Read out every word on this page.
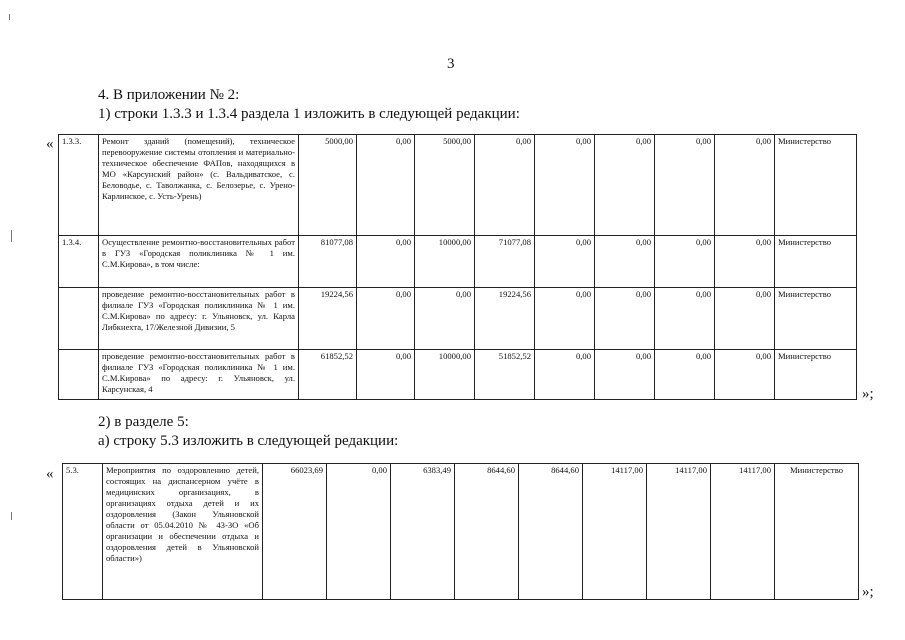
3
4. В приложении № 2:
1) строки 1.3.3 и 1.3.4 раздела 1 изложить в следующей редакции:
« 1.3.3.	Ремонт зданий (помещений), техническое перевооружение системы отопления и материально-техническое обеспечение ФАПов, находящихся в МО «Карсунский район» (с. Вальдиватское, с. Беловодье, с. Таволжанка, с. Белозерье, с. Урено-Карлинское, с. Усть-Урень)	5000,00	0,00	5000,00	0,00	0,00	0,00	0,00	0,00	Министерство
1.3.4.	Осуществление ремонтно-восстановительных работ в ГУЗ «Городская поликлиника № 1 им. С.М.Кирова», в том числе:	81077,08	0,00	10000,00	71077,08	0,00	0,00	0,00	0,00	Министерство
	проведение ремонтно-восстановительных работ в филиале ГУЗ «Городская поликлиника № 1 им. С.М.Кирова» по адресу: г. Ульяновск, ул. Карла Либкнехта, 17/Железной Дивизии, 5	19224,56	0,00	0,00	19224,56	0,00	0,00	0,00	0,00	Министерство
	проведение ремонтно-восстановительных работ в филиале ГУЗ «Городская поликлиника № 1 им. С.М.Кирова» по адресу: г. Ульяновск, ул. Карсунская, 4	61852,52	0,00	10000,00	51852,52	0,00	0,00	0,00	0,00	Министерство
»;
2) в разделе 5:
а) строку 5.3 изложить в следующей редакции:
« 5.3.	Мероприятия по оздоровлению детей, состоящих на диспансерном учёте в медицинских организациях, в организациях отдыха детей и их оздоровления (Закон Ульяновской области от 05.04.2010 № 43-ЗО «Об организации и обеспечении отдыха и оздоровления детей в Ульяновской области»)	66023,69	0,00	6383,49	8644,60	8644,60	14117,00	14117,00	14117,00	Министерство
»;
